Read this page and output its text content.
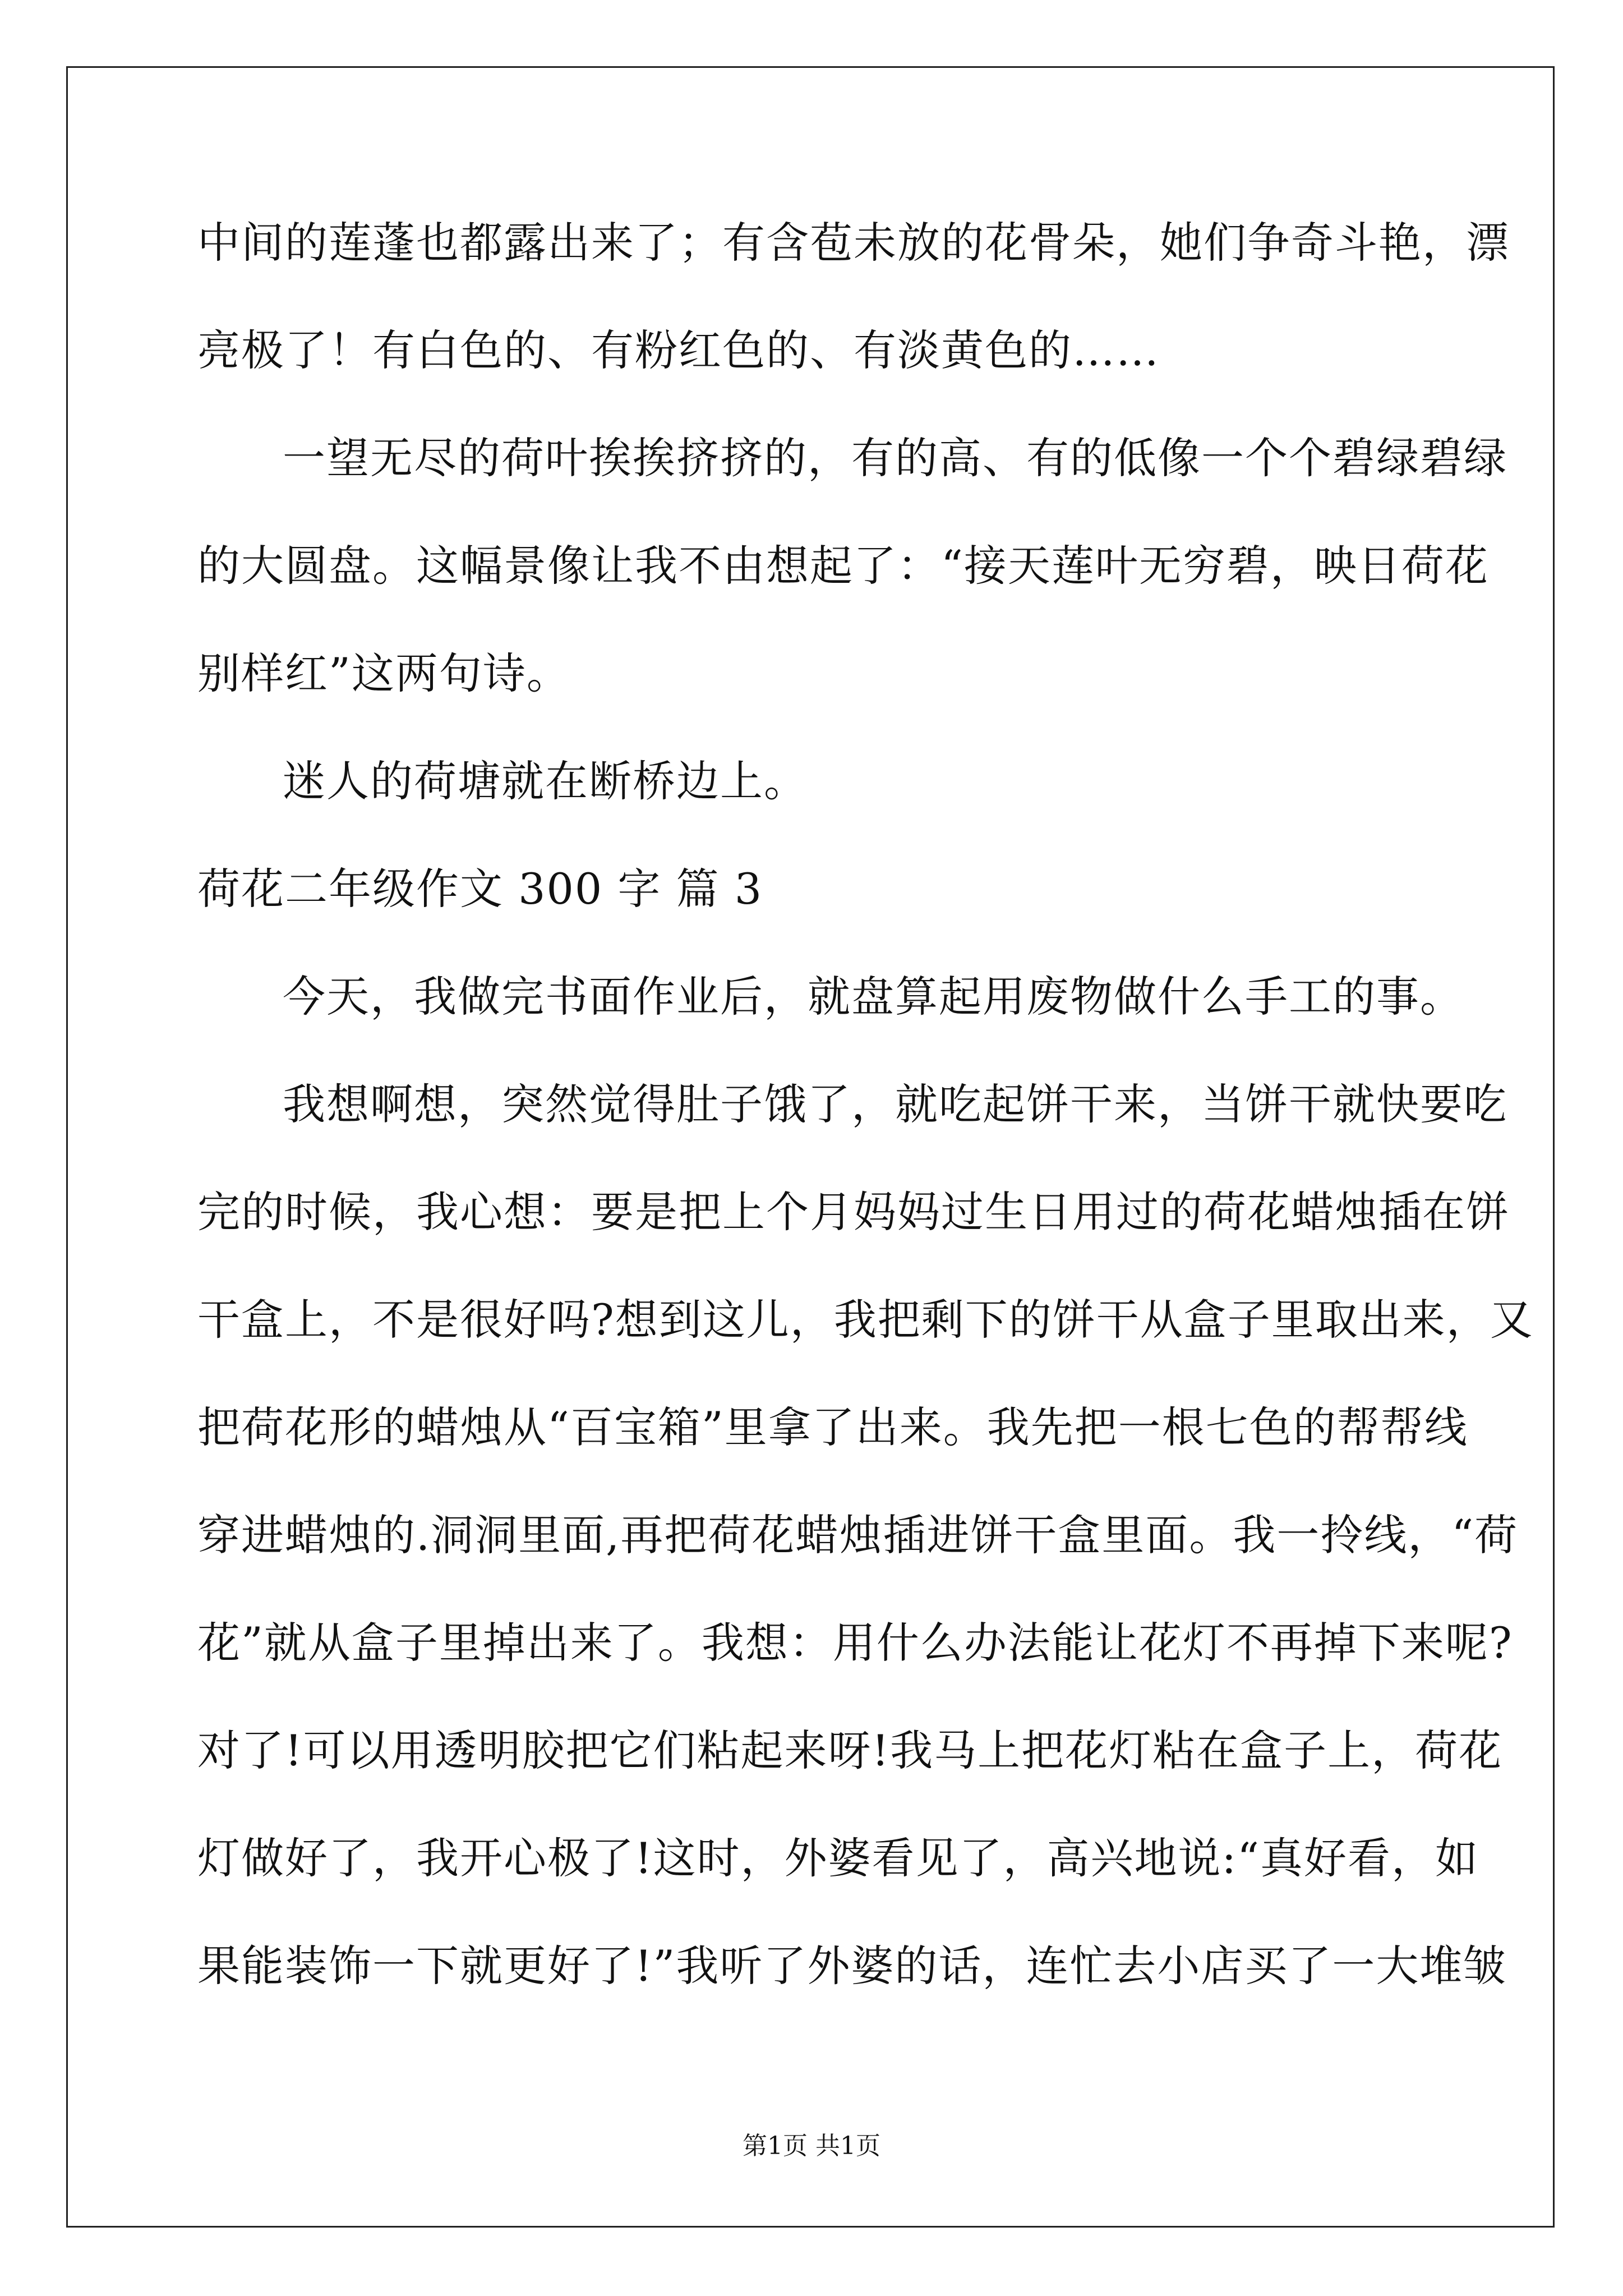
中间的莲蓬也都露出来了；有含苞未放的花骨朵，她们争奇斗艳，漂
亮极了！有白色的、有粉红色的、有淡黄色的……
一望无尽的荷叶挨挨挤挤的，有的高、有的低像一个个碧绿碧绿
的大圆盘。这幅景像让我不由想起了：“接天莲叶无穷碧，映日荷花
别样红”这两句诗。
迷人的荷塘就在断桥边上。
荷花二年级作文 300 字 篇 3
今天，我做完书面作业后，就盘算起用废物做什么手工的事。
我想啊想，突然觉得肚子饿了，就吃起饼干来，当饼干就快要吃
完的时候，我心想：要是把上个月妈妈过生日用过的荷花蜡烛插在饼
干盒上，不是很好吗?想到这儿，我把剩下的饼干从盒子里取出来，又
把荷花形的蜡烛从“百宝箱”里拿了出来。我先把一根七色的帮帮线
穿进蜡烛的.洞洞里面,再把荷花蜡烛插进饼干盒里面。我一拎线，“荷
花”就从盒子里掉出来了。我想：用什么办法能让花灯不再掉下来呢?
对了!可以用透明胶把它们粘起来呀!我马上把花灯粘在盒子上，荷花
灯做好了，我开心极了!这时，外婆看见了，高兴地说:“真好看，如
果能装饰一下就更好了!”我听了外婆的话，连忙去小店买了一大堆皱
第1页 共1页
